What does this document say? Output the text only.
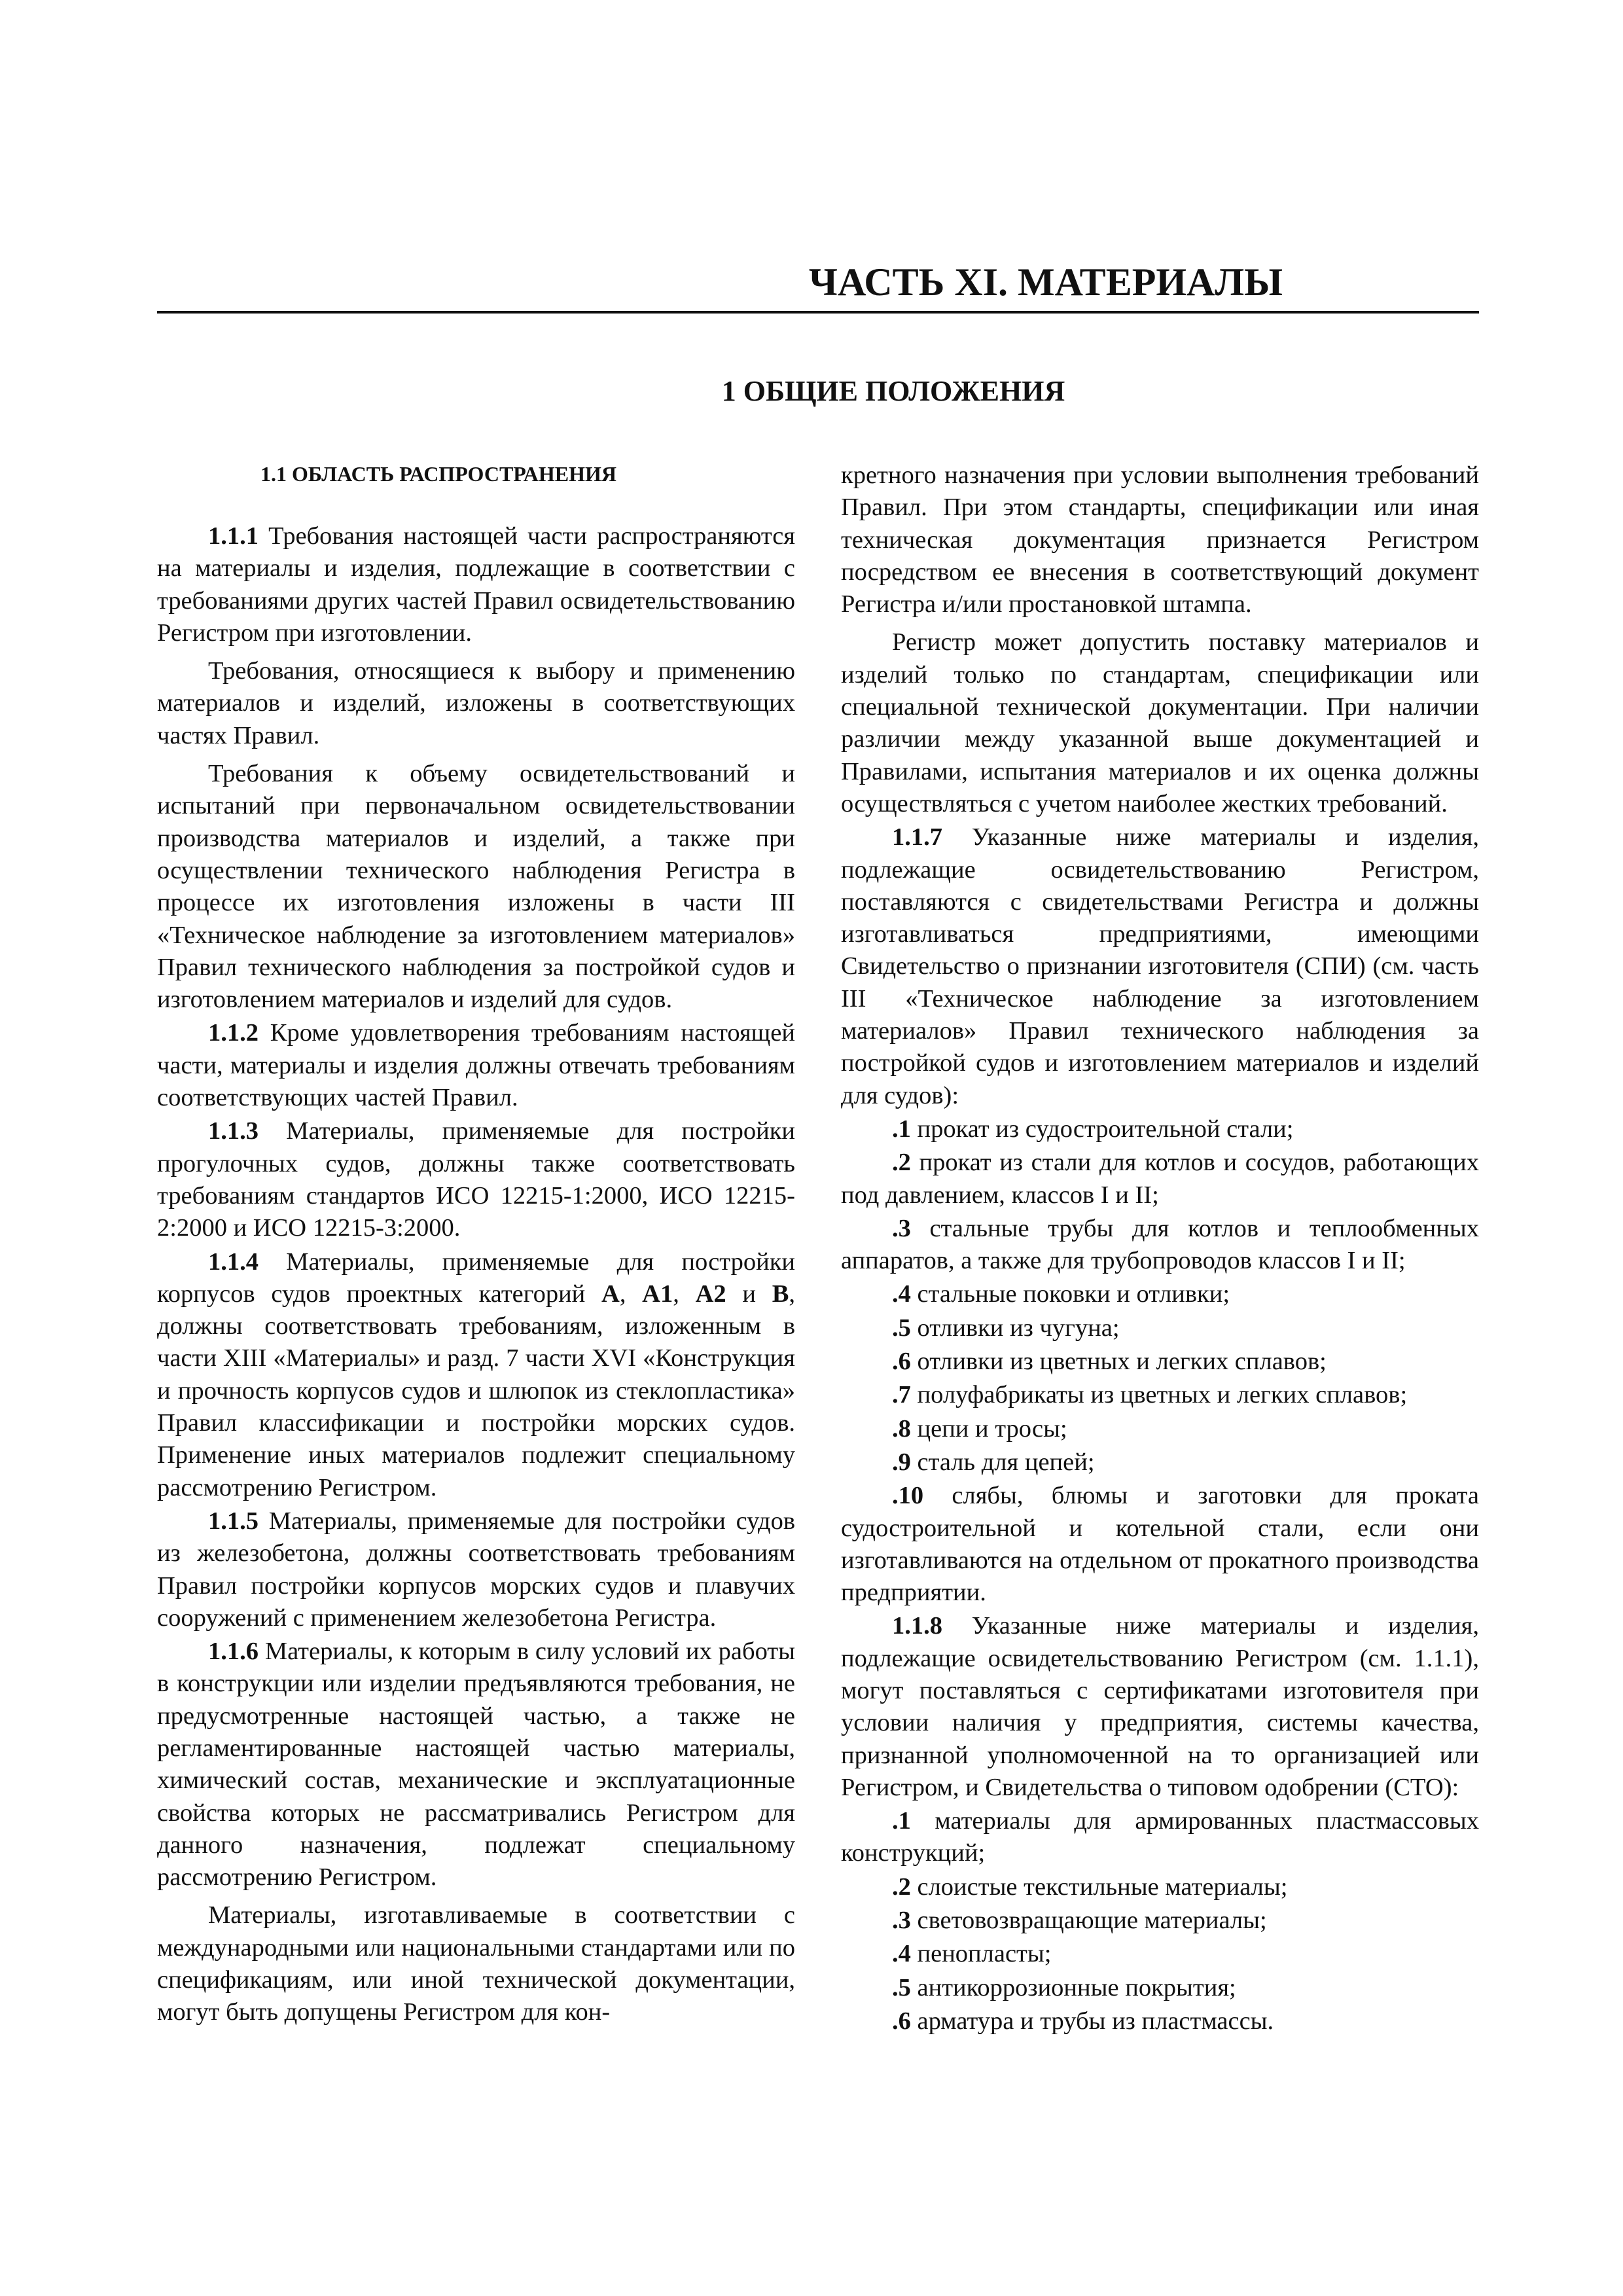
ЧАСТЬ XI. МАТЕРИАЛЫ
1 ОБЩИЕ ПОЛОЖЕНИЯ
1.1 ОБЛАСТЬ РАСПРОСТРАНЕНИЯ

1.1.1 Требования настоящей части распространяются на материалы и изделия, подлежащие в соответствии с требованиями других частей Правил освидетельствованию Регистром при изготовлении.

Требования, относящиеся к выбору и применению материалов и изделий, изложены в соответствующих частях Правил.

Требования к объему освидетельствований и испытаний при первоначальном освидетельствовании производства материалов и изделий, а также при осуществлении технического наблюдения Регистра в процессе их изготовления изложены в части III «Техническое наблюдение за изготовлением материалов» Правил технического наблюдения за постройкой судов и изготовлением материалов и изделий для судов.

1.1.2 Кроме удовлетворения требованиям настоящей части, материалы и изделия должны отвечать требованиям соответствующих частей Правил.

1.1.3 Материалы, применяемые для постройки прогулочных судов, должны также соответствовать требованиям стандартов ИСО 12215-1:2000, ИСО 12215-2:2000 и ИСО 12215-3:2000.

1.1.4 Материалы, применяемые для постройки корпусов судов проектных категорий A, A1, A2 и B, должны соответствовать требованиям, изложенным в части XIII «Материалы» и разд. 7 части XVI «Конструкция и прочность корпусов судов и шлюпок из стеклопластика» Правил классификации и постройки морских судов. Применение иных материалов подлежит специальному рассмотрению Регистром.

1.1.5 Материалы, применяемые для постройки судов из железобетона, должны соответствовать требованиям Правил постройки корпусов морских судов и плавучих сооружений с применением железобетона Регистра.

1.1.6 Материалы, к которым в силу условий их работы в конструкции или изделии предъявляются требования, не предусмотренные настоящей частью, а также не регламентированные настоящей частью материалы, химический состав, механические и эксплуатационные свойства которых не рассматривались Регистром для данного назначения, подлежат специальному рассмотрению Регистром.

Материалы, изготавливаемые в соответствии с международными или национальными стандартами или по спецификациям, или иной технической документации, могут быть допущены Регистром для кон-

кретного назначения при условии выполнения требований Правил. При этом стандарты, спецификации или иная техническая документация признается Регистром посредством ее внесения в соответствующий документ Регистра и/или простановкой штампа.

Регистр может допустить поставку материалов и изделий только по стандартам, спецификации или специальной технической документации. При наличии различии между указанной выше документацией и Правилами, испытания материалов и их оценка должны осуществляться с учетом наиболее жестких требований.

1.1.7 Указанные ниже материалы и изделия, подлежащие освидетельствованию Регистром, поставляются с свидетельствами Регистра и должны изготавливаться предприятиями, имеющими Свидетельство о признании изготовителя (СПИ) (см. часть III «Техническое наблюдение за изготовлением материалов» Правил технического наблюдения за постройкой судов и изготовлением материалов и изделий для судов):

.1 прокат из судостроительной стали;

.2 прокат из стали для котлов и сосудов, работающих под давлением, классов I и II;

.3 стальные трубы для котлов и теплообменных аппаратов, а также для трубопроводов классов I и II;

.4 стальные поковки и отливки;

.5 отливки из чугуна;

.6 отливки из цветных и легких сплавов;

.7 полуфабрикаты из цветных и легких сплавов;

.8 цепи и тросы;

.9 сталь для цепей;

.10 слябы, блюмы и заготовки для проката судостроительной и котельной стали, если они изготавливаются на отдельном от прокатного производства предприятии.

1.1.8 Указанные ниже материалы и изделия, подлежащие освидетельствованию Регистром (см. 1.1.1), могут поставляться с сертификатами изготовителя при условии наличия у предприятия, системы качества, признанной уполномоченной на то организацией или Регистром, и Свидетельства о типовом одобрении (СТО):

.1 материалы для армированных пластмассовых конструкций;

.2 слоистые текстильные материалы;

.3 световозвращающие материалы;

.4 пенопласты;

.5 антикоррозионные покрытия;

.6 арматура и трубы из пластмассы.
